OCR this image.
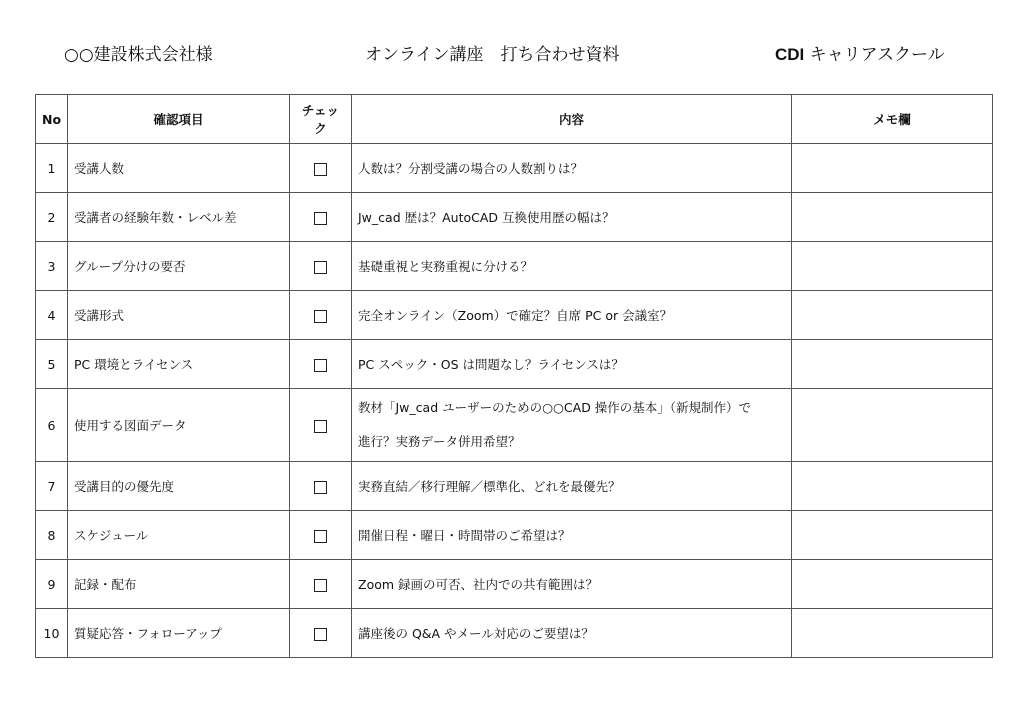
○○建設株式会社様	オンライン講座　打ち合わせ資料	CDI キャリアスクール
No	確認項目	チェック	内容	メモ欄
1	受講人数		人数は？分割受講の場合の人数割りは？	
2	受講者の経験年数・レベル差		Jw_cad 歴は？AutoCAD 互換使用歴の幅は？	
3	グループ分けの要否		基礎重視と実務重視に分ける？	
4	受講形式		完全オンライン（Zoom）で確定？自席 PC or 会議室？	
5	PC 環境とライセンス		PC スペック・OS は問題なし？ライセンスは？	
6	使用する図面データ		教材「Jw_cad ユーザーのための○○CAD 操作の基本」（新規制作）で
進行？実務データ併用希望？	

7	受講目的の優先度		実務直結／移行理解／標準化、どれを最優先？	
8	スケジュール		開催日程・曜日・時間帯のご希望は？	
9	記録・配布		Zoom 録画の可否、社内での共有範囲は？	
10	質疑応答・フォローアップ		講座後の Q&A やメール対応のご要望は？	
